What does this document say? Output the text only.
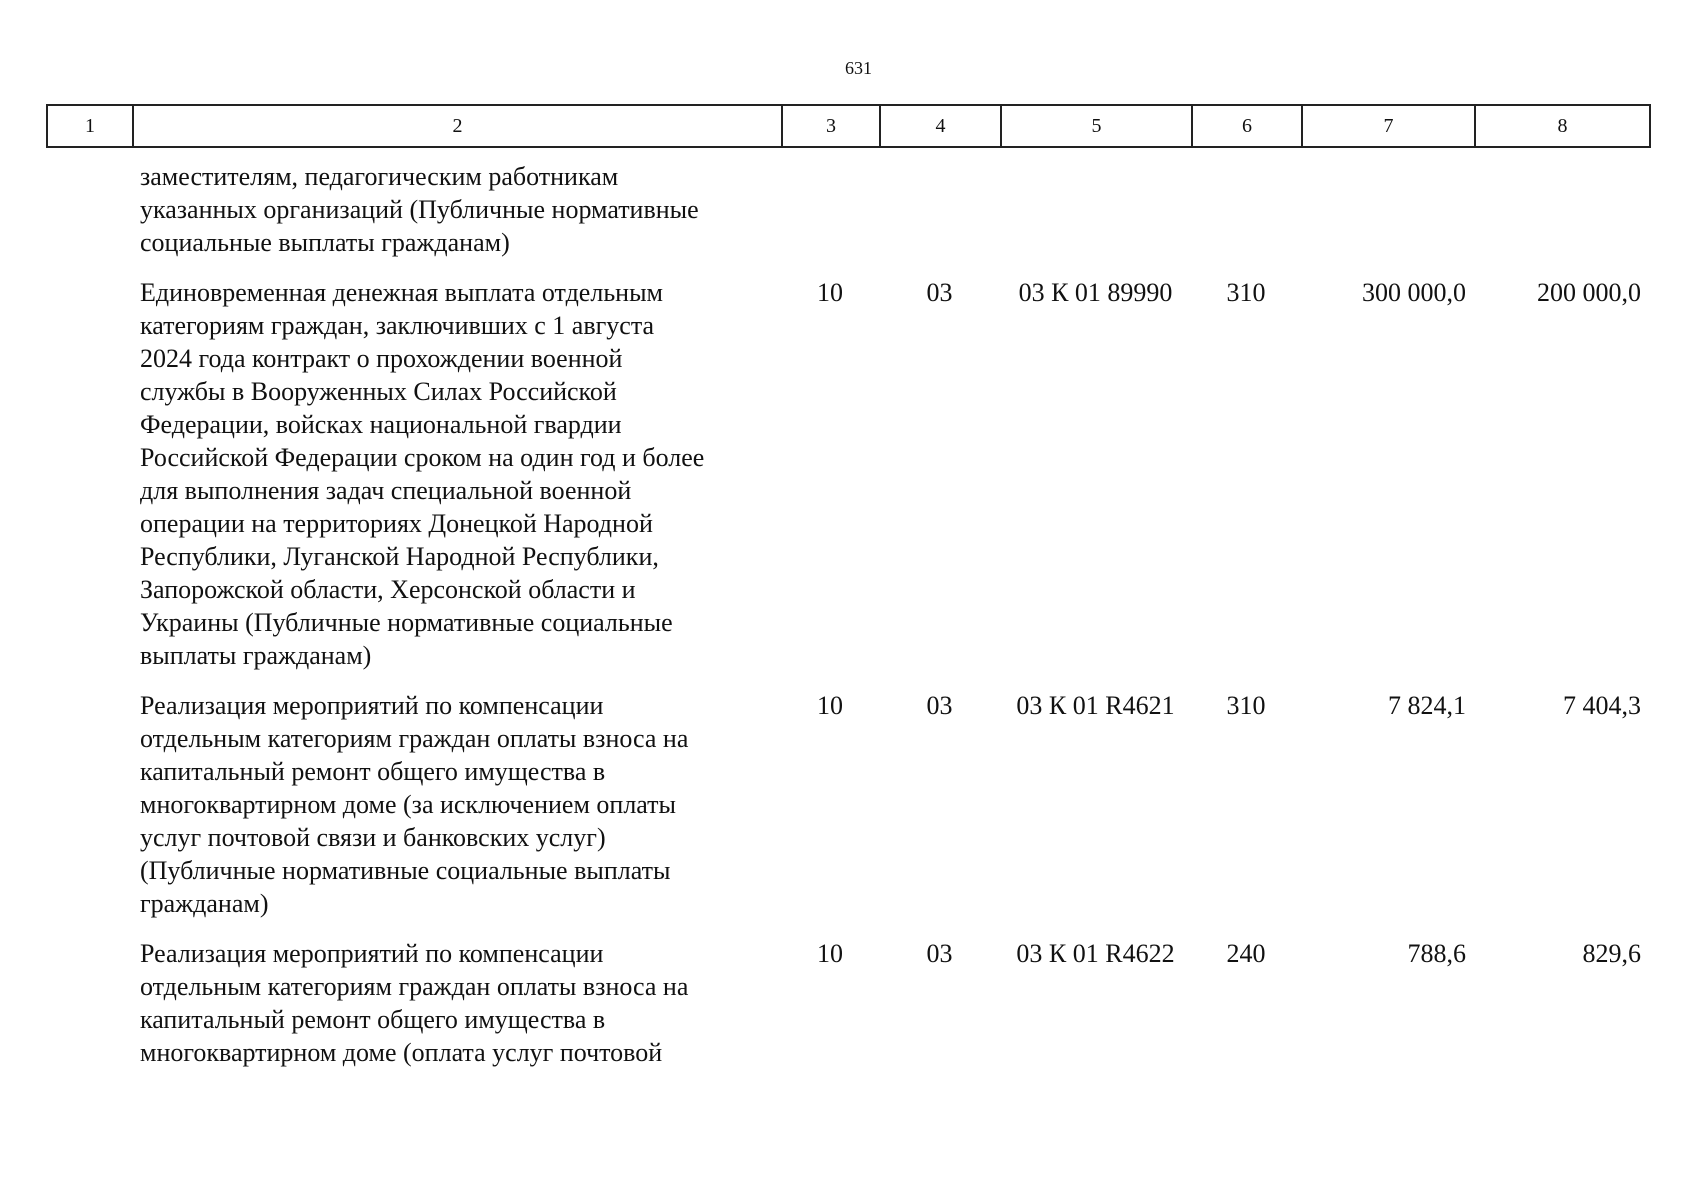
631
1	2	3	4	5	6	7	8
заместителям, педагогическим работникам
указанных организаций (Публичные нормативные
социальные выплаты гражданам)
Единовременная денежная выплата отдельным
категориям граждан, заключивших с 1 августа
2024 года контракт о прохождении военной
службы в Вооруженных Силах Российской
Федерации, войсках национальной гвардии
Российской Федерации сроком на один год и более
для выполнения задач специальной военной
операции на территориях Донецкой Народной
Республики, Луганской Народной Республики,
Запорожской области, Херсонской области и
Украины (Публичные нормативные социальные
выплаты гражданам)
10	03	03 К 01 89990	310	300 000,0	200 000,0
Реализация мероприятий по компенсации
отдельным категориям граждан оплаты взноса на
капитальный ремонт общего имущества в
многоквартирном доме (за исключением оплаты
услуг почтовой связи и банковских услуг)
(Публичные нормативные социальные выплаты
гражданам)
10	03	03 К 01 R4621	310	7 824,1	7 404,3
Реализация мероприятий по компенсации
отдельным категориям граждан оплаты взноса на
капитальный ремонт общего имущества в
многоквартирном доме (оплата услуг почтовой
10	03	03 К 01 R4622	240	788,6	829,6
